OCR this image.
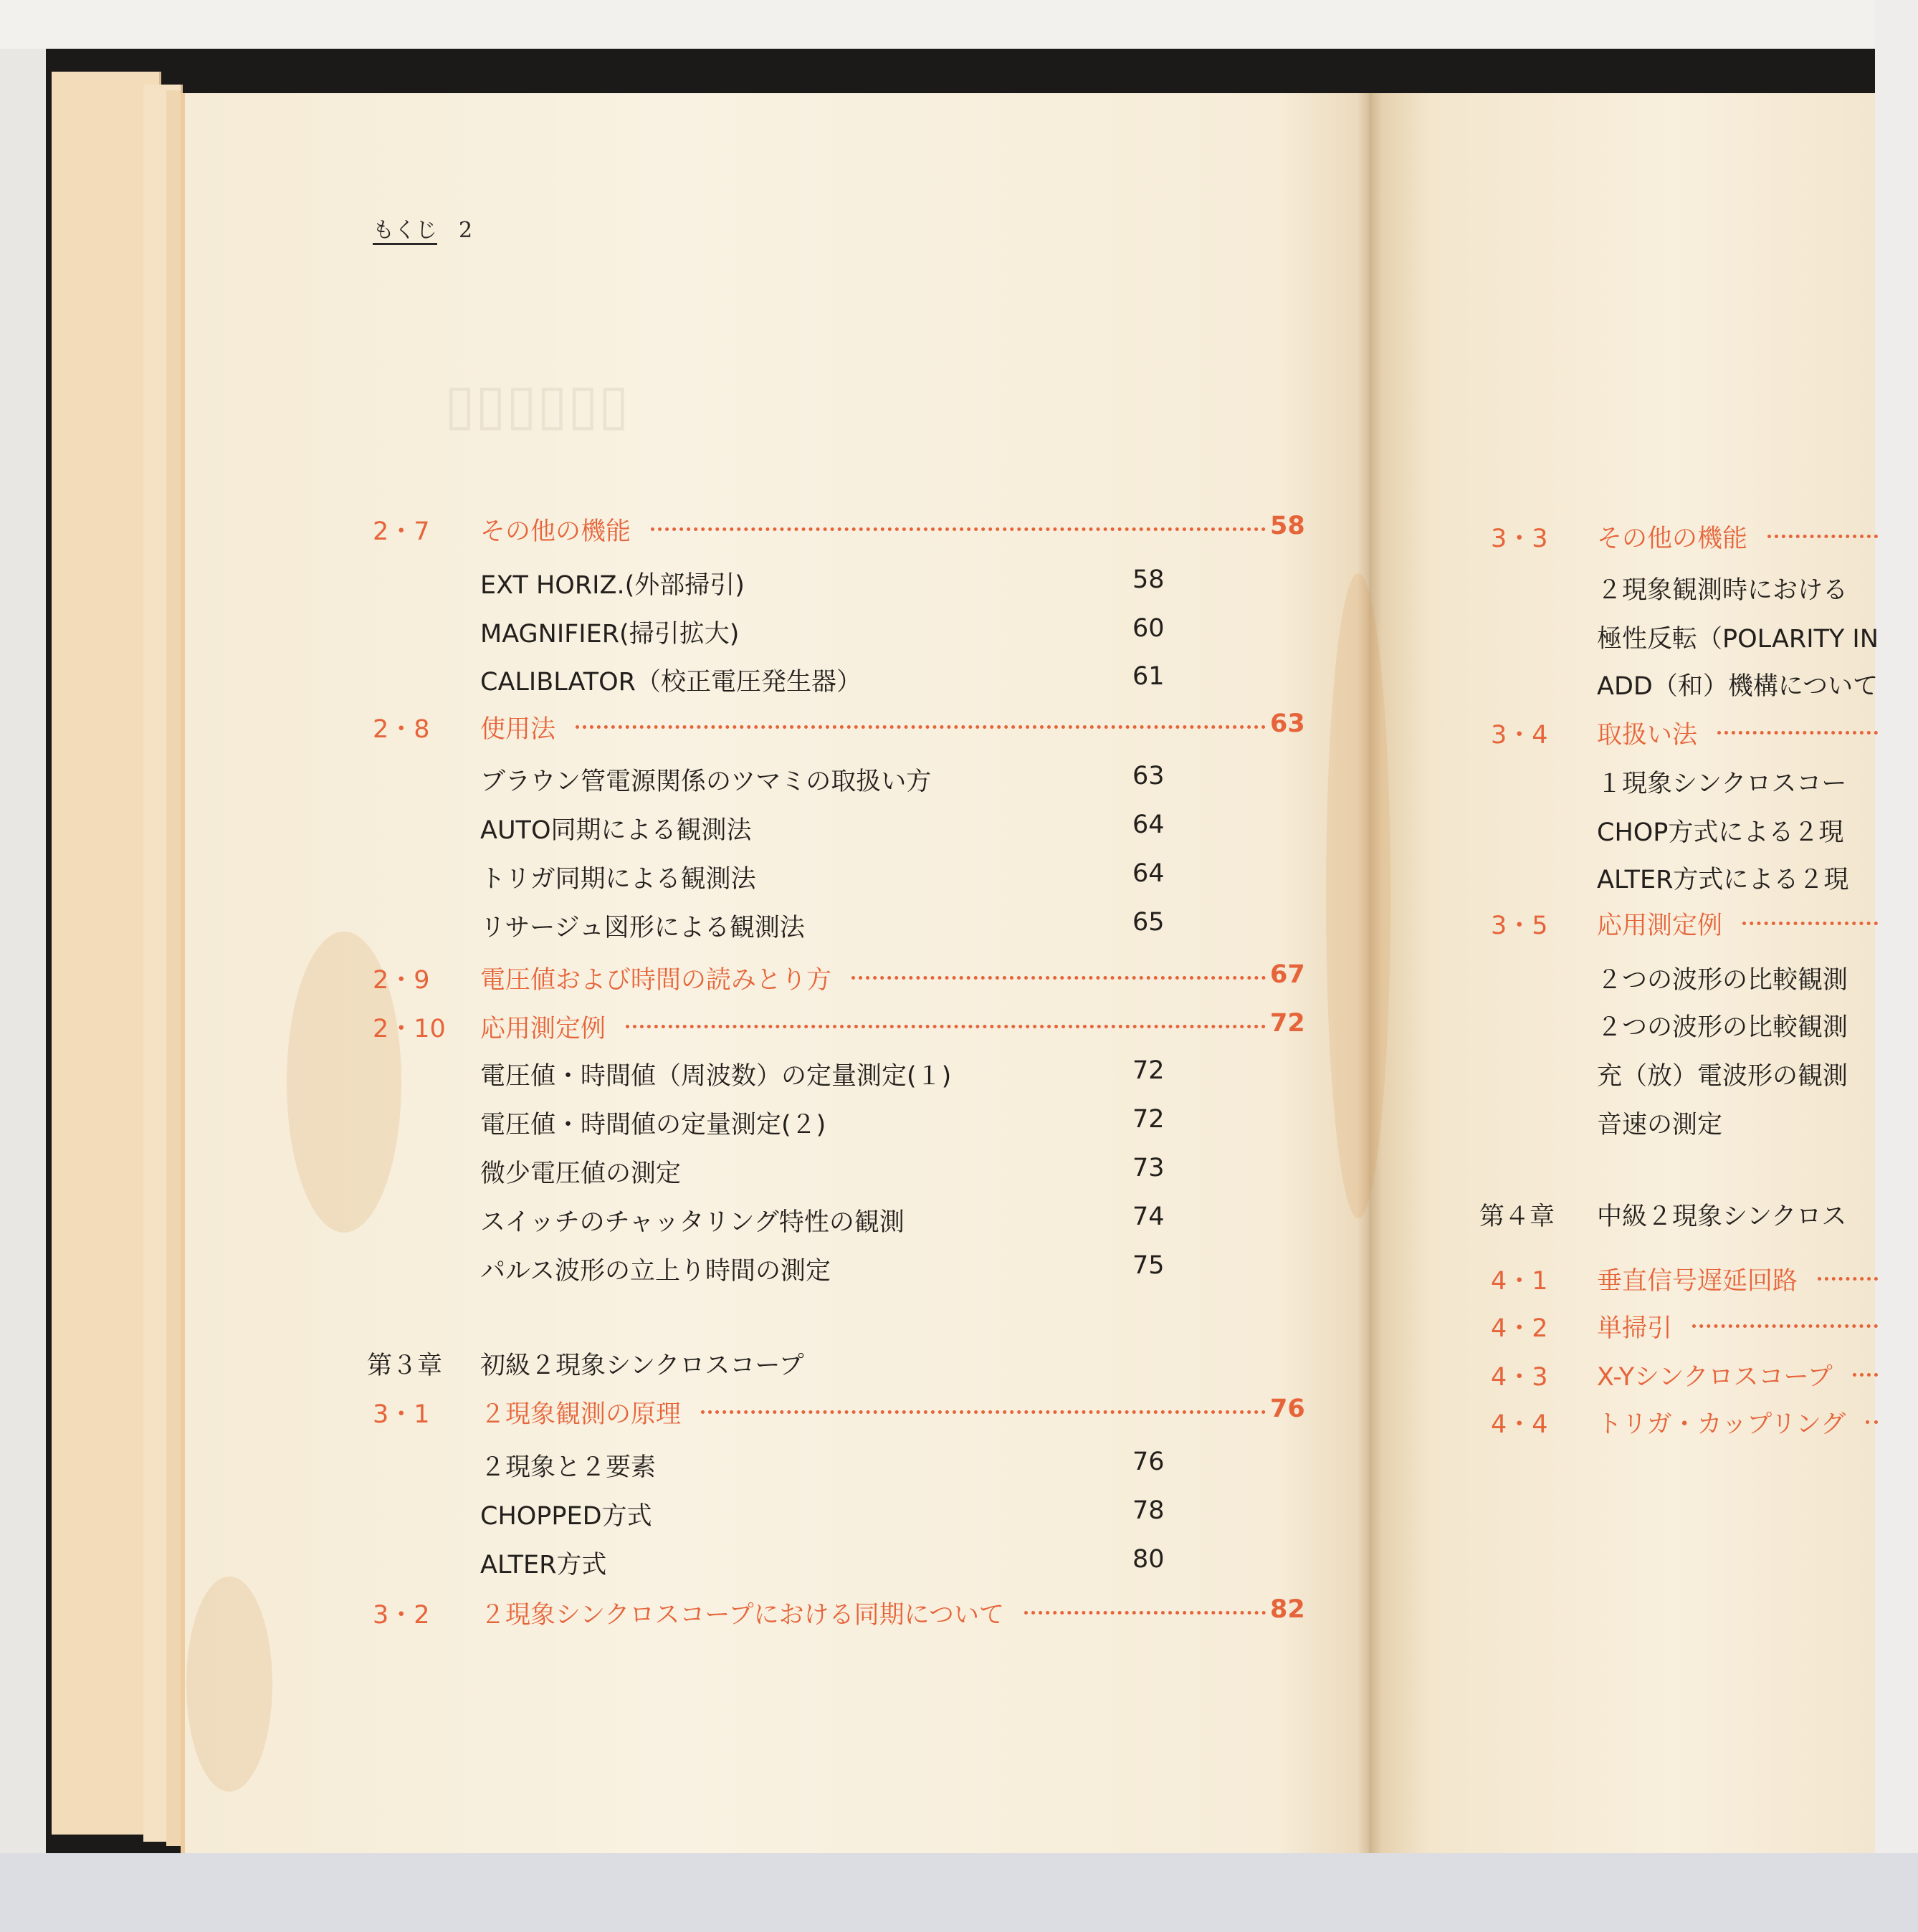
▯▯▯▯▯▯
もくじ 2
2・7 その他の機能	58
EXT HORIZ.(外部掃引)	58
MAGNIFIER(掃引拡大)	60
CALIBLATOR（校正電圧発生器）	61
2・8 使用法	63
ブラウン管電源関係のツマミの取扱い方	63
AUTO同期による観測法	64
トリガ同期による観測法	64
リサージュ図形による観測法	65
2・9 電圧値および時間の読みとり方	67
2・10 応用測定例	72
電圧値・時間値（周波数）の定量測定(１)	72
電圧値・時間値の定量測定(２)	72
微少電圧値の測定	73
スイッチのチャッタリング特性の観測	74
パルス波形の立上り時間の測定	75
第３章 初級２現象シンクロスコープ
3・1 ２現象観測の原理	76
２現象と２要素	76
CHOPPED方式	78
ALTER方式	80
3・2 ２現象シンクロスコープにおける同期について	82
3・3 その他の機能
２現象観測時における
極性反転（POLARITY IN
ADD（和）機構について
3・4 取扱い法
１現象シンクロスコー
CHOP方式による２現
ALTER方式による２現
3・5 応用測定例
２つの波形の比較観測
２つの波形の比較観測
充（放）電波形の観測
音速の測定
第４章 中級２現象シンクロス
4・1 垂直信号遅延回路
4・2 単掃引
4・3 X-Yシンクロスコープ
4・4 トリガ・カップリング
